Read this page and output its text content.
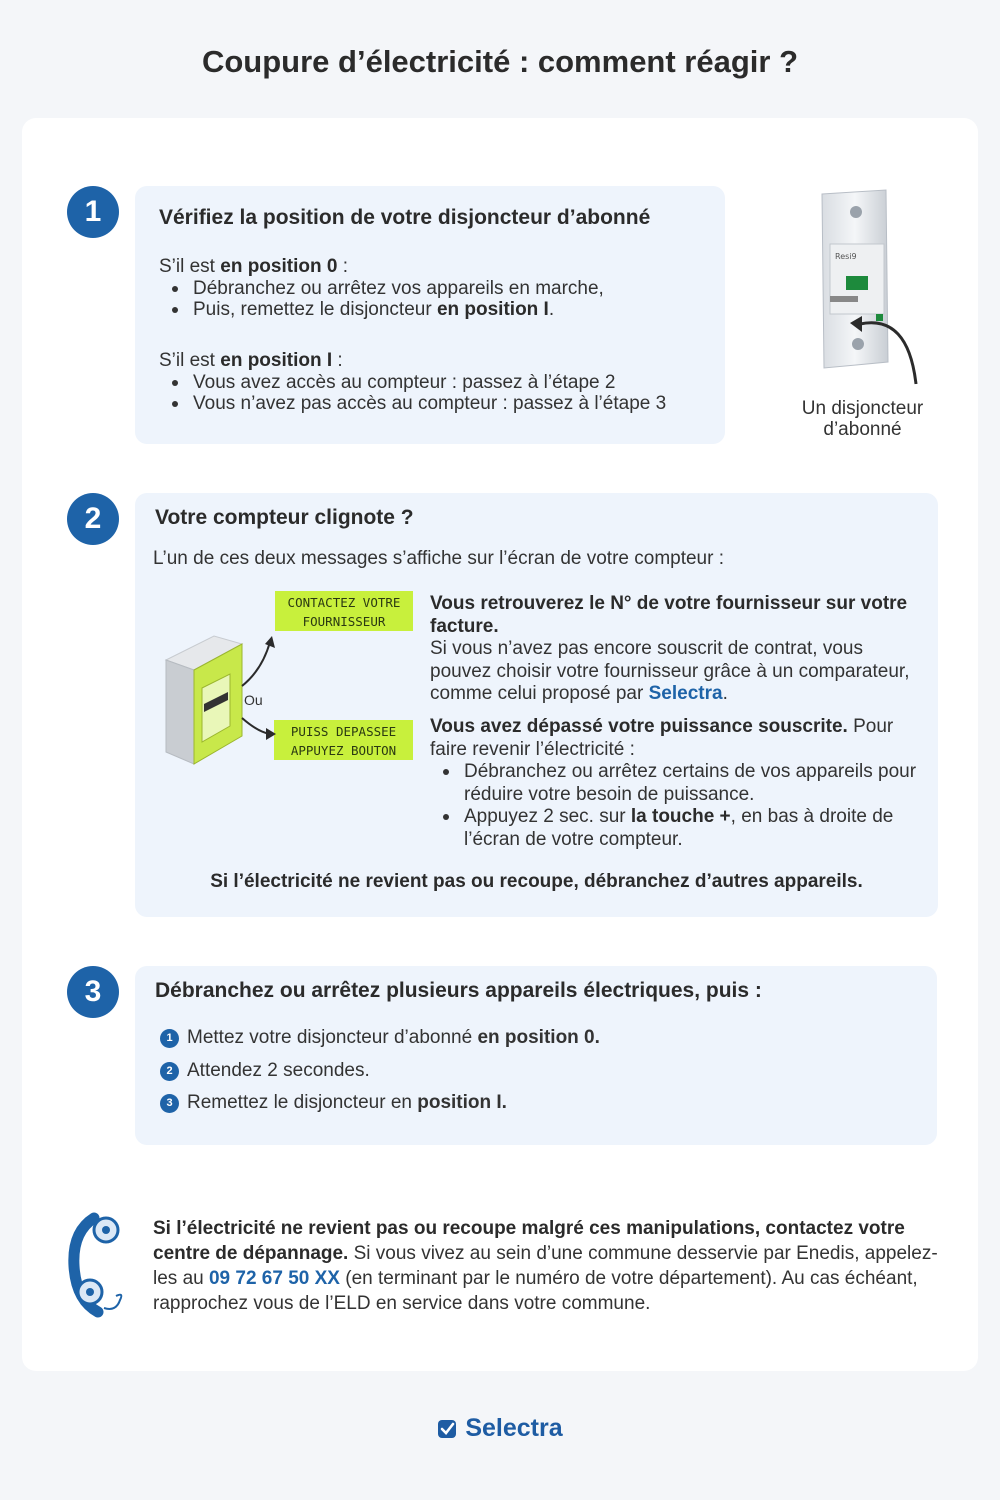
Coupure d’électricité : comment réagir ?
1	Vérifiez la position de votre disjoncteur d’abonné
S’il est en position 0 :
Débranchez ou arrêtez vos appareils en marche,
Puis, remettez le disjoncteur en position I.
S’il est en position I :
Vous avez accès au compteur : passez à l’étape 2
Vous n’avez pas accès au compteur : passez à l’étape 3
Resi9
Un disjoncteur
d’abonné
2	Votre compteur clignote ?
L’un de ces deux messages s’affiche sur l’écran de votre compteur :
CONTACTEZ VOTRE
FOURNISSEUR
PUISS DEPASSEE
APPUYEZ BOUTON
Ou
Vous retrouverez le N° de votre fournisseur sur votre facture.
Si vous n’avez pas encore souscrit de contrat, vous pouvez choisir votre fournisseur grâce à un comparateur, comme celui proposé par Selectra.
Vous avez dépassé votre puissance souscrite. Pour faire revenir l’électricité :
Débranchez ou arrêtez certains de vos appareils pour réduire votre besoin de puissance.
Appuyez 2 sec. sur la touche +, en bas à droite de l’écran de votre compteur.
Si l’électricité ne revient pas ou recoupe, débranchez d’autres appareils.
3	Débranchez ou arrêtez plusieurs appareils électriques, puis :
1 Mettez votre disjoncteur d’abonné en position 0.
2 Attendez 2 secondes.
3 Remettez le disjoncteur en position I.
Si l’électricité ne revient pas ou recoupe malgré ces manipulations, contactez votre centre de dépannage. Si vous vivez au sein d’une commune desservie par Enedis, appelez-les au 09 72 67 50 XX (en terminant par le numéro de votre département). Au cas échéant, rapprochez vous de l’ELD en service dans votre commune.
Selectra
